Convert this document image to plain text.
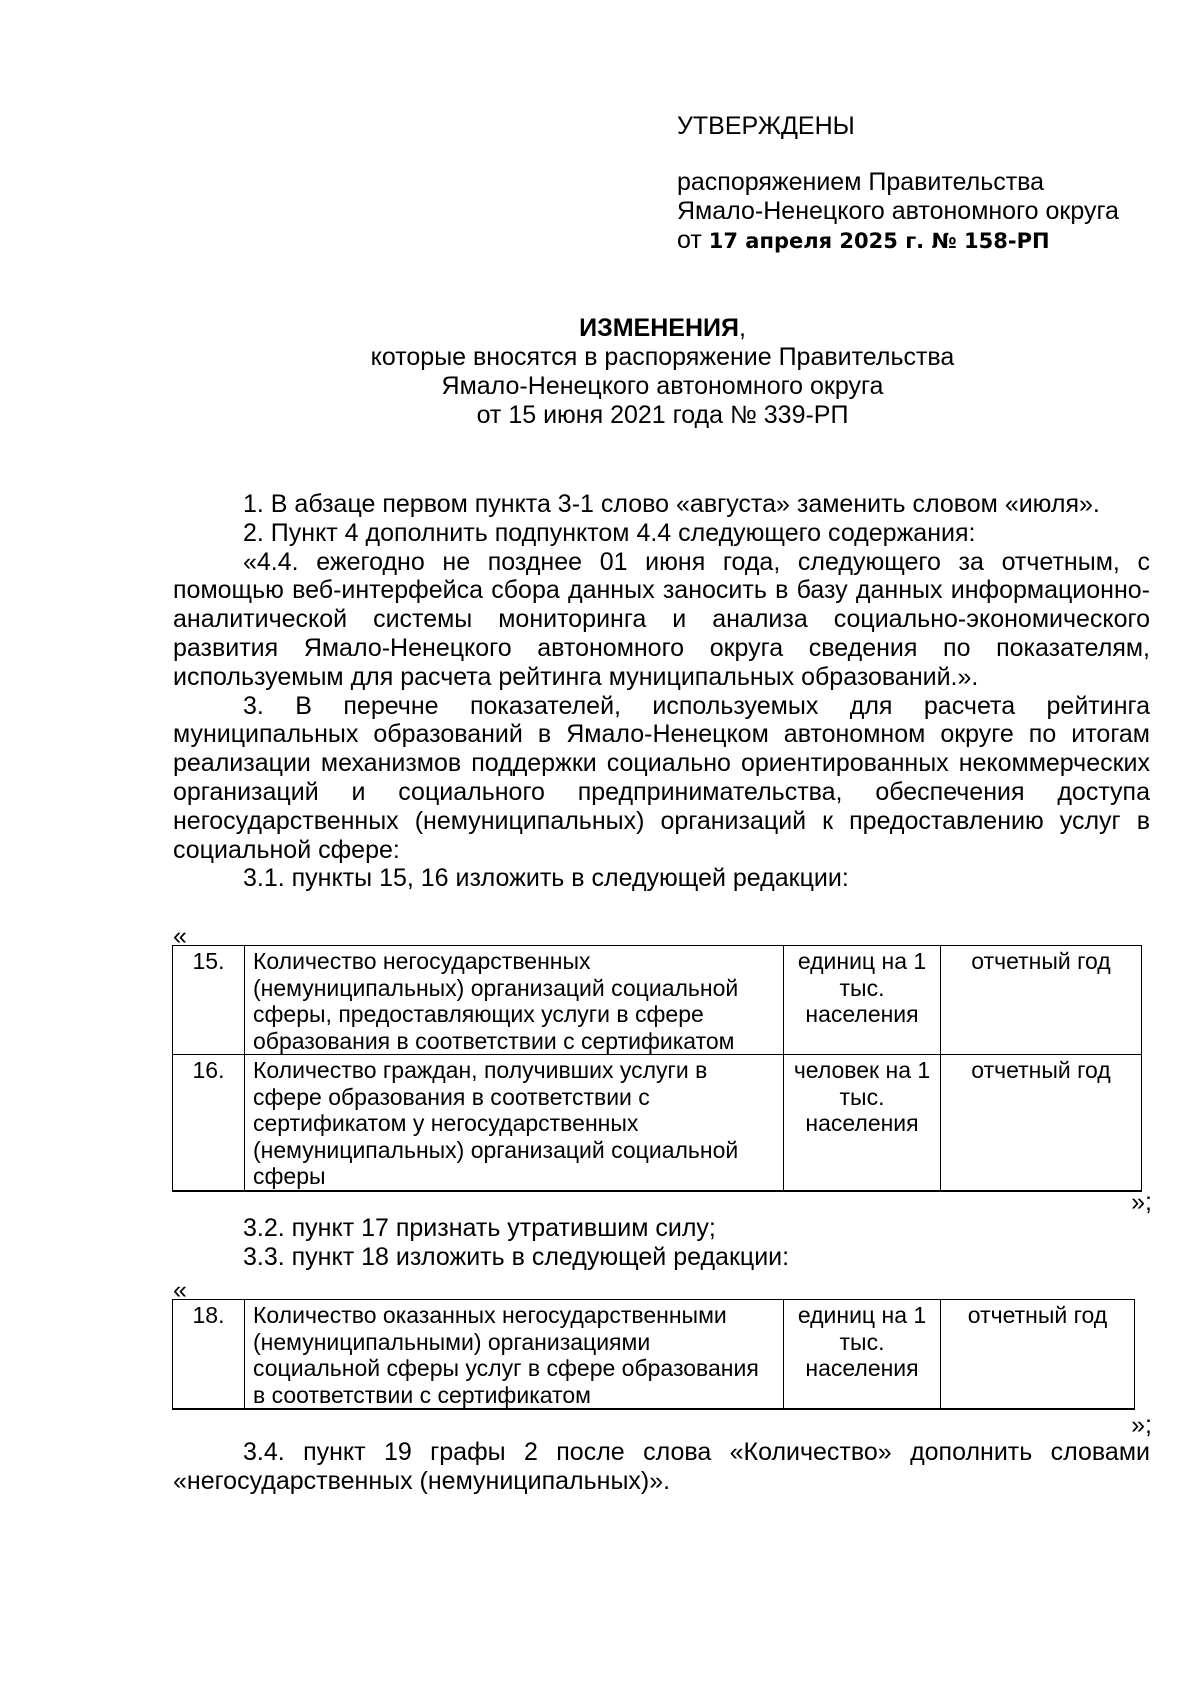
УТВЕРЖДЕНЫ
распоряжением Правительства
Ямало-Ненецкого автономного округа
от 17 апреля 2025 г. № 158-РП
ИЗМЕНЕНИЯ,
которые вносятся в распоряжение Правительства
Ямало-Ненецкого автономного округа
от 15 июня 2021 года № 339-РП

1. В абзаце первом пункта 3-1 слово «августа» заменить словом «июля».

2. Пункт 4 дополнить подпунктом 4.4 следующего содержания:

«4.4. ежегодно не позднее 01 июня года, следующего за отчетным, с помощью веб-интерфейса сбора данных заносить в базу данных информационно-аналитической системы мониторинга и анализа социально-экономического развития Ямало-Ненецкого автономного округа сведения по показателям, используемым для расчета рейтинга муниципальных образований.».

3. В перечне показателей, используемых для расчета рейтинга муниципальных образований в Ямало-Ненецком автономном округе по итогам реализации механизмов поддержки социально ориентированных некоммерческих организаций и социального предпринимательства, обеспечения доступа негосударственных (немуниципальных) организаций к предоставлению услуг в социальной сфере:

3.1. пункты 15, 16 изложить в следующей редакции:

«
15.	Количество негосударственных (немуниципальных) организаций социальной сферы, предоставляющих услуги в сфере образования в соответствии с сертификатом	единиц на 1 тыс. населения	отчетный год
16.	Количество граждан, получивших услуги в сфере образования в соответствии с сертификатом у негосударственных (немуниципальных) организаций социальной сферы	человек на 1 тыс. населения	отчетный год
»;

3.2. пункт 17 признать утратившим силу;

3.3. пункт 18 изложить в следующей редакции:

«
18.	Количество оказанных негосударственными (немуниципальными) организациями социальной сферы услуг в сфере образования в соответствии с сертификатом	единиц на 1 тыс. населения	отчетный год
»;

3.4. пункт 19 графы 2 после слова «Количество» дополнить словами «негосударственных (немуниципальных)».
